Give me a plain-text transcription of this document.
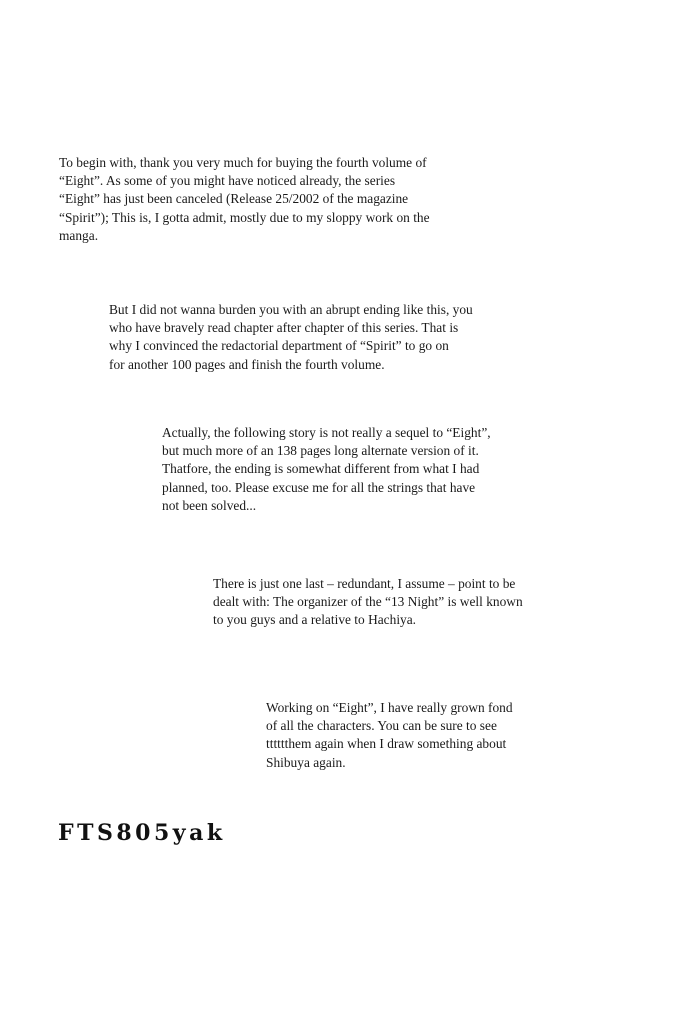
To begin with, thank you very much for buying the fourth volume of
“Eight”. As some of you might have noticed already, the series
“Eight” has just been canceled (Release 25/2002 of the magazine
“Spirit”); This is, I gotta admit, mostly due to my sloppy work on the
manga.

But I did not wanna burden you with an abrupt ending like this, you
who have bravely read chapter after chapter of this series. That is
why I convinced the redactorial department of “Spirit” to go on
for another 100 pages and finish the fourth volume.

Actually, the following story is not really a sequel to “Eight”,
but much more of an 138 pages long alternate version of it.
Thatfore, the ending is somewhat different from what I had
planned, too. Please excuse me for all the strings that have
not been solved...

There is just one last – redundant, I assume – point to be
dealt with: The organizer of the “13 Night” is well known
to you guys and a relative to Hachiya.

Working on “Eight”, I have really grown fond
of all the characters. You can be sure to see
tttttthem again when I draw something about
Shibuya again.

FTS805yak
